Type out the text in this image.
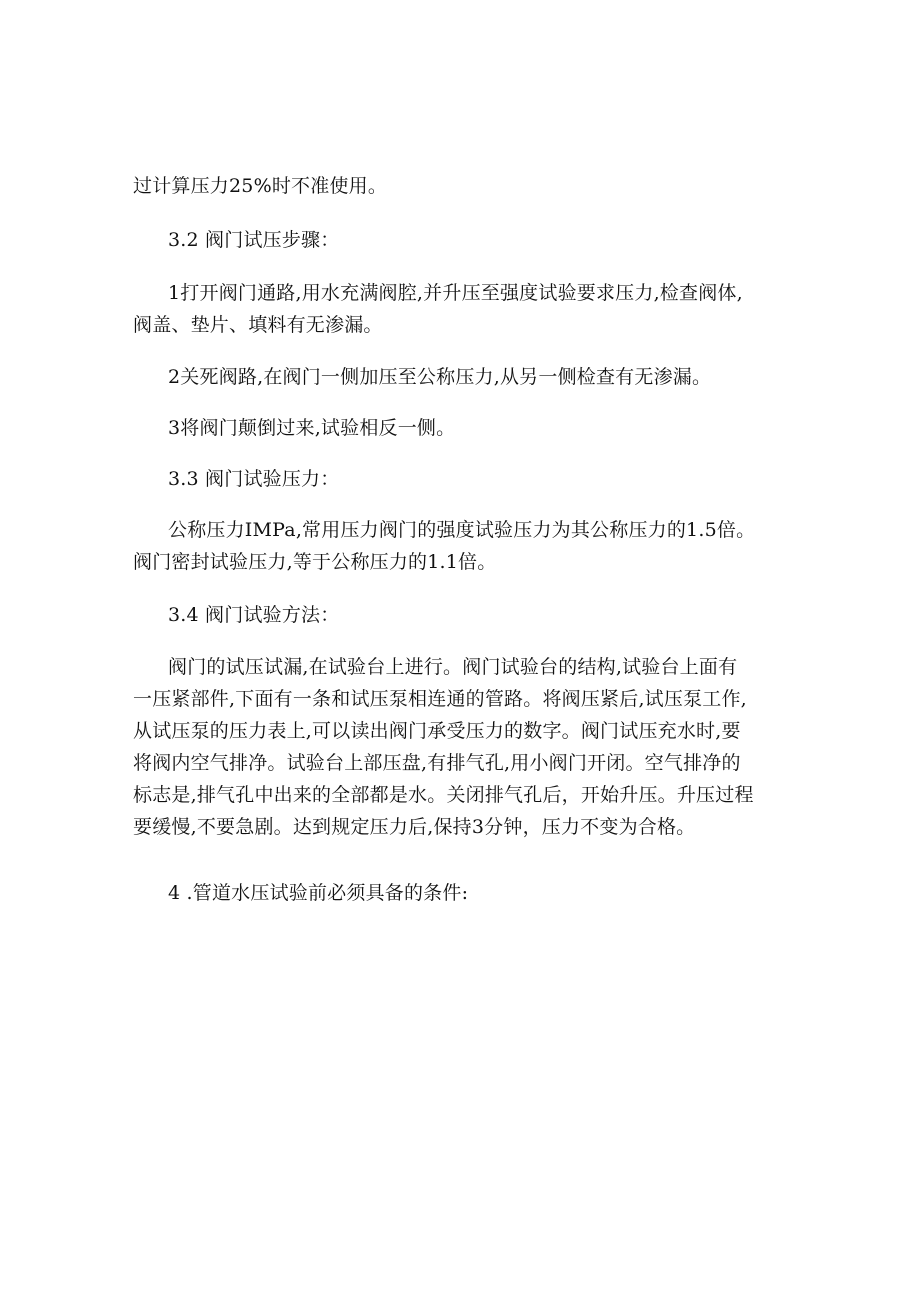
过计算压力25%时不准使用。
3.2 阀门试压步骤：
1打开阀门通路,用水充满阀腔,并升压至强度试验要求压力,检查阀体,
阀盖、垫片、填料有无渗漏。
2关死阀路,在阀门一侧加压至公称压力,从另一侧检查有无渗漏。
3将阀门颠倒过来,试验相反一侧。
3.3 阀门试验压力：
公称压力IMPa,常用压力阀门的强度试验压力为其公称压力的1.5倍。
阀门密封试验压力,等于公称压力的1.1倍。
3.4 阀门试验方法：
阀门的试压试漏,在试验台上进行。阀门试验台的结构,试验台上面有
一压紧部件,下面有一条和试压泵相连通的管路。将阀压紧后,试压泵工作,
从试压泵的压力表上,可以读出阀门承受压力的数字。阀门试压充水时,要
将阀内空气排净。试验台上部压盘,有排气孔,用小阀门开闭。空气排净的
标志是,排气孔中出来的全部都是水。关闭排气孔后，开始升压。升压过程
要缓慢,不要急剧。达到规定压力后,保持3分钟，压力不变为合格。
4 .管道水压试验前必须具备的条件:
